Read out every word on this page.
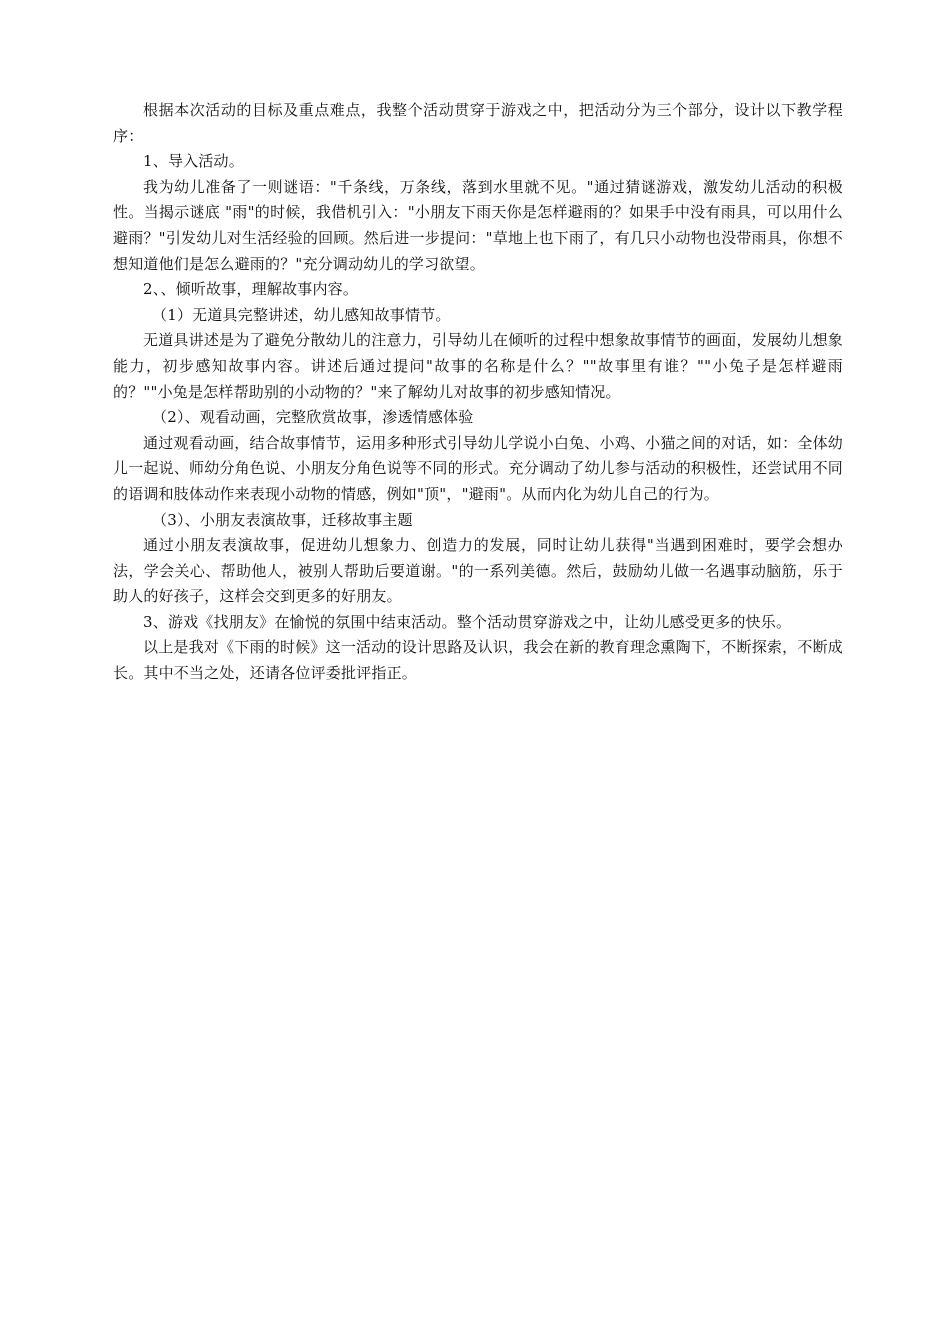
根据本次活动的目标及重点难点，我整个活动贯穿于游戏之中，把活动分为三个部分，设计以下教学程序：

1、导入活动。

我为幼儿准备了一则谜语："千条线，万条线，落到水里就不见。"通过猜谜游戏，激发幼儿活动的积极性。当揭示谜底 "雨"的时候，我借机引入："小朋友下雨天你是怎样避雨的？如果手中没有雨具，可以用什么避雨？"引发幼儿对生活经验的回顾。然后进一步提问："草地上也下雨了，有几只小动物也没带雨具，你想不想知道他们是怎么避雨的？"充分调动幼儿的学习欲望。

2、、倾听故事，理解故事内容。

（1）无道具完整讲述，幼儿感知故事情节。

无道具讲述是为了避免分散幼儿的注意力，引导幼儿在倾听的过程中想象故事情节的画面，发展幼儿想象能力，初步感知故事内容。讲述后通过提问"故事的名称是什么？""故事里有谁？""小兔子是怎样避雨的？""小兔是怎样帮助别的小动物的？"来了解幼儿对故事的初步感知情况。

（2）、观看动画，完整欣赏故事，渗透情感体验

通过观看动画，结合故事情节，运用多种形式引导幼儿学说小白兔、小鸡、小猫之间的对话，如：全体幼儿一起说、师幼分角色说、小朋友分角色说等不同的形式。充分调动了幼儿参与活动的积极性，还尝试用不同的语调和肢体动作来表现小动物的情感，例如"顶"，"避雨"。从而内化为幼儿自己的行为。

（3）、小朋友表演故事，迁移故事主题

通过小朋友表演故事，促进幼儿想象力、创造力的发展，同时让幼儿获得"当遇到困难时，要学会想办法，学会关心、帮助他人，被别人帮助后要道谢。"的一系列美德。然后，鼓励幼儿做一名遇事动脑筋，乐于助人的好孩子，这样会交到更多的好朋友。

3、游戏《找朋友》在愉悦的氛围中结束活动。整个活动贯穿游戏之中，让幼儿感受更多的快乐。

以上是我对《下雨的时候》这一活动的设计思路及认识，我会在新的教育理念熏陶下，不断探索，不断成长。其中不当之处，还请各位评委批评指正。
